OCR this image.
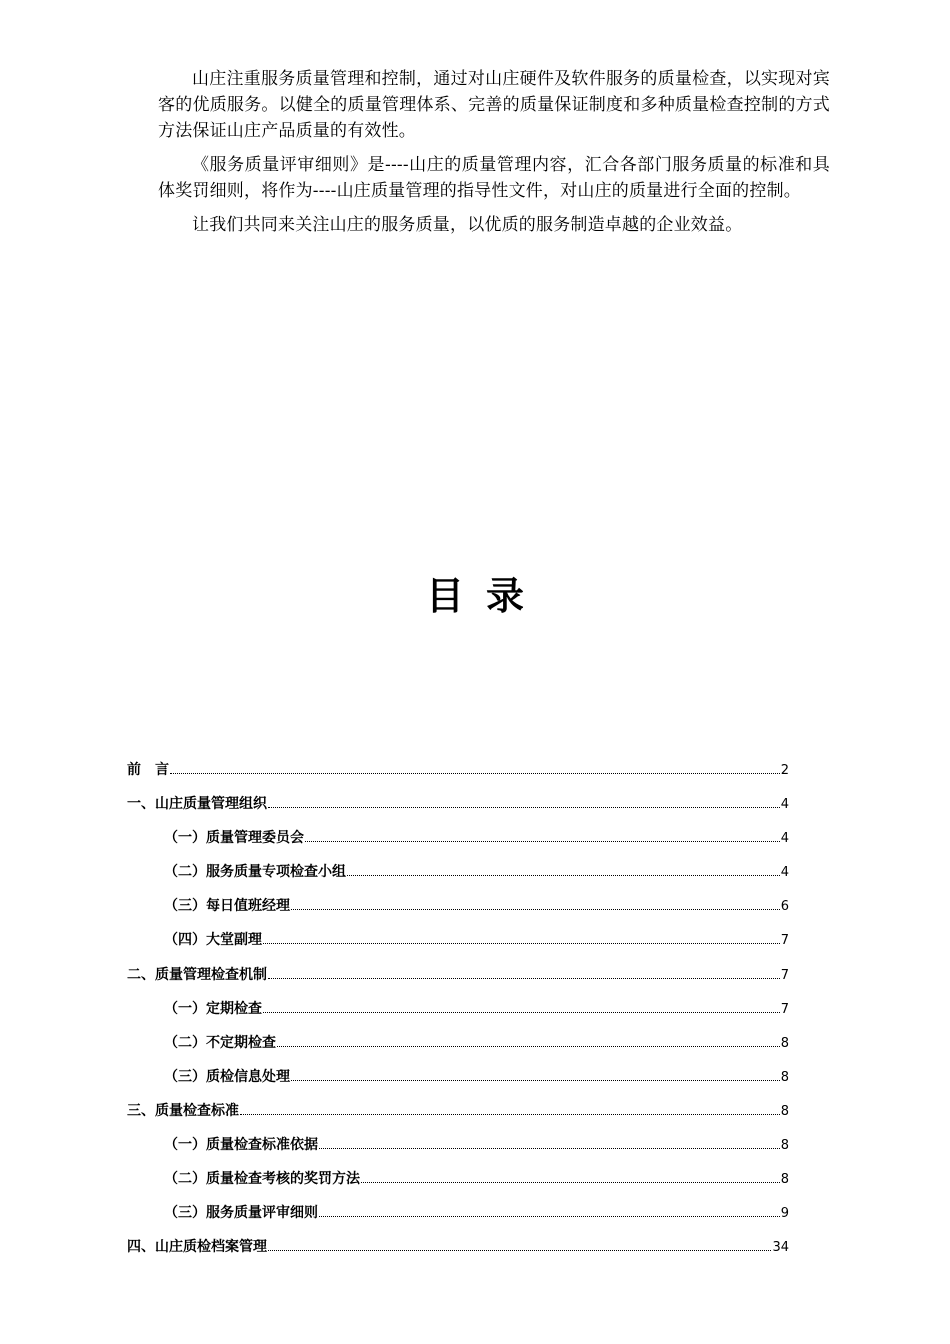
山庄注重服务质量管理和控制，通过对山庄硬件及软件服务的质量检查，以实现对宾客的优质服务。以健全的质量管理体系、完善的质量保证制度和多种质量检查控制的方式方法保证山庄产品质量的有效性。

《服务质量评审细则》是----山庄的质量管理内容，汇合各部门服务质量的标准和具体奖罚细则，将作为----山庄质量管理的指导性文件，对山庄的质量进行全面的控制。

让我们共同来关注山庄的服务质量，以优质的服务制造卓越的企业效益。

目录
前　言	2
一、山庄质量管理组织	4
（一）质量管理委员会	4
（二）服务质量专项检查小组	4
（三）每日值班经理	6
（四）大堂副理	7
二、质量管理检查机制	7
（一）定期检查	7
（二）不定期检查	8
（三）质检信息处理	8
三、质量检查标准	8
（一）质量检查标准依据	8
（二）质量检查考核的奖罚方法	8
（三）服务质量评审细则	9
四、山庄质检档案管理	34
